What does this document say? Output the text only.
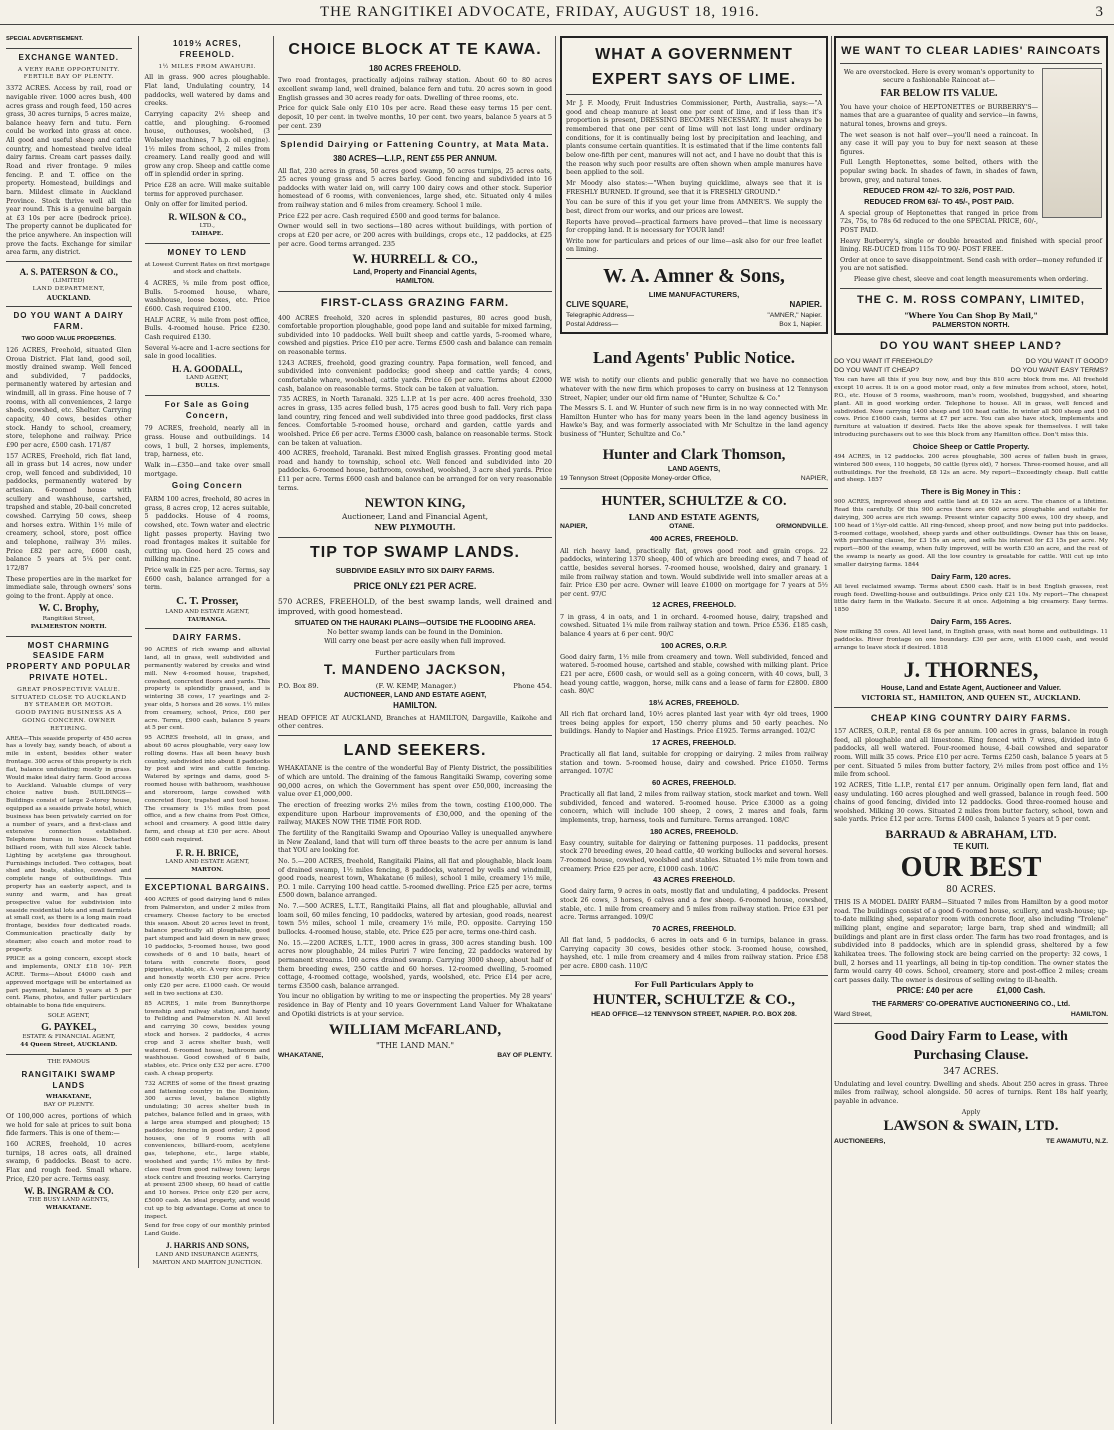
THE RANGITIKEI ADVOCATE, FRIDAY, AUGUST 18, 1916.	3
SPECIAL ADVERTISEMENT.
EXCHANGE WANTED.
A VERY RARE OPPORTUNITY.
FERTILE BAY OF PLENTY.

3372 ACRES. Access by rail, road or navigable river. 1000 acres bush, 400 acres grass and rough feed, 150 acres grass, 30 acres turnips, 5 acres maize, balance heavy fern and tutu. Fern could be worked into grass at once. All good and useful sheep and cattle country, and homestead twelve ideal dairy farms. Cream cart passes daily. Road and river frontage. 9 miles fencing. P. and T. office on the property. Homestead, buildings and barn. Mildest climate in Auckland Province. Stock thrive well all the year round. This is a genuine bargain at £3 10s per acre (bedrock price). The property cannot be duplicated for the price anywhere. An inspection will prove the facts. Exchange for similar area farm, any district.

A. S. PATERSON & CO.,
(LIMITED)
LAND DEPARTMENT,
AUCKLAND.
DO YOU WANT A DAIRY FARM.
TWO GOOD VALUE PROPERTIES.

126 ACRES, Freehold, situated Glen Oroua District. Flat land, good soil, mostly drained swamp. Well fenced and subdivided, 7 paddocks, permanently watered by artesian and windmill, all in grass. Fine house of 7 rooms, with all conveniences, 2 large sheds, cowshed, etc. Shelter. Carrying capacity, 40 cows, besides other stock. Handy to school, creamery, store, telephone and railway. Price £90 per acre, £500 cash. 171/87

157 ACRES, Freehold, rich flat land, all in grass but 14 acres, now under crop, well fenced and subdivided, 10 paddocks, permanently watered by artesian. 6-roomed house with scullery and washhouse, cartshed, trapshed and stable, 20-bail concreted cowshed. Carrying 50 cows, sheep and horses extra. Within 1½ mile of creamery, school, store, post office and telephone, railway 3½ miles. Price £82 per acre, £600 cash, balance 5 years at 5¼ per cent. 172/87

These properties are in the market for immediate sale, through owners' sons going to the front. Apply at once.

W. C. Brophy,
Rangitikei Street,
PALMERSTON NORTH.
MOST CHARMING SEASIDE FARM PROPERTY AND POPULAR PRIVATE HOTEL.
GREAT PROSPECTIVE VALUE. SITUATED CLOSE TO AUCKLAND BY STEAMER OR MOTOR.
GOOD PAYING BUSINESS AS A GOING CONCERN. OWNER RETIRING.

AREA—This seaside property of 450 acres has a lovely bay, sandy beach, of about a mile in extent, besides other water frontage. 300 acres of this property is rich flat, balance undulating; mostly in grass. Would make ideal dairy farm. Good access to Auckland. Valuable clumps of very choice native bush. BUILDINGS—Buildings consist of large 2-storey house, equipped as a seaside private hotel, which business has been privately carried on for a number of years, and a first-class and extensive connection established. Telephone bureau in house. Detached billiard room, with full size Alcock table. Lighting by acetylene gas throughout. Furnishings included. Two cottages, boat shed and boats, stables, cowshed and complete range of outbuildings. This property has an easterly aspect, and is sunny and warm, and has great prospective value for subdivision into seaside residential lots and small farmlets at small cost, as there is a long main road frontage, besides four dedicated roads. Communication practically daily by steamer; also coach and motor road to property.

PRICE as a going concern, except stock and implements, ONLY £18 10/- PER ACRE. Terms—About £4000 cash and approved mortgage will be entertained as part payment, balance 5 years at 5 per cent. Plans, photos, and fuller particulars obtainable to bona fide enquirers.

SOLE AGENT,
G. PAYKEL,
ESTATE & FINANCIAL AGENT,
44 Queen Street, AUCKLAND.
THE FAMOUS
RANGITAIKI SWAMP LANDS
WHAKATANE,
BAY OF PLENTY.

Of 100,000 acres, portions of which we hold for sale at prices to suit bona fide farmers. This is one of them:—

160 ACRES, freehold, 10 acres turnips, 18 acres oats, all drained swamp, 6 paddocks. Beast to acre. Flax and rough feed. Small whare. Price, £20 per acre. Terms easy.

W. B. INGRAM & CO.
THE BUSY LAND AGENTS,
WHAKATANE.
1019½ ACRES, FREEHOLD.
1½ MILES FROM AWAHURI.

All in grass. 900 acres ploughable. Flat land, Undulating country, 14 paddocks, well watered by dams and creeks.

Carrying capacity 2½ sheep and cattle, and ploughing. 6-roomed house, outhouses, woolshed, (3 Wolseley machines, 7 h.p. oil engine). 1½ miles from school, 2 miles from creamery. Land really good and will grow any crop. Sheep and cattle come off in splendid order in spring.

Price £28 an acre. Will make suitable terms for approved purchaser.

Only on offer for limited period.

R. WILSON & CO.,
LTD.,
TAIHAPE.
MONEY TO LEND
at Lowest Current Rates on first mortgage and stock and chattels.

4 ACRES, ¼ mile from post office, Bulls. 5-roomed house, whare, washhouse, loose boxes, etc. Price £600. Cash required £100.

HALF ACRE, ¼ mile from post office, Bulls. 4-roomed house. Price £230. Cash required £130.

Several ¼-acre and 1-acre sections for sale in good localities.

H. A. GOODALL,
LAND AGENT,
BULLS.
For Sale as Going Concern,

79 ACRES, freehold, nearly all in grass. House and outbuildings. 14 cows, 1 bull, 2 horses, implements, trap, harness, etc.

Walk in—£350—and take over small mortgage.

Going Concern

FARM 100 acres, freehold, 80 acres in grass, 8 acres crop, 12 acres suitable, 5 paddocks. House of 4 rooms, cowshed, etc. Town water and electric light passes property. Having two road frontages makes it suitable for cutting up. Good herd 25 cows and milking machine.

Price walk in £25 per acre. Terms, say £600 cash, balance arranged for a term.

C. T. Prosser,
LAND AND ESTATE AGENT,
TAURANGA.
DAIRY FARMS.

90 ACRES of rich swamp and alluvial land, all in grass, well subdivided and permanently watered by creeks and wind mill. New 4-roomed house, trapshed, cowshed, concreted floors and yards. This property is splendidly grassed, and is wintering 38 cows, 17 yearlings and 2-year olds, 5 horses and 26 sows. 1½ miles from creamery, school, Price, £60 per acre. Terms, £900 cash, balance 5 years at 5 per cent.

95 ACRES freehold, all in grass, and about 60 acres ploughable, very easy low rolling downs. Has all been heavy bush country, subdivided into about 8 paddocks by post and wire and cattle fencing. Watered by springs and dams, good 5-roomed house with bathroom, washhouse and storeroom, large cowshed with concreted floor, trapshed and tool house. The creamery is 1½ miles from post office, and a few chains from Post Office, school and creamery. A good little dairy farm, and cheap at £30 per acre. About £600 cash required.

F. R. H. BRICE,
LAND AND ESTATE AGENT,
MARTON.
EXCEPTIONAL BARGAINS.

400 ACRES of good dairying land 6 miles from Palmerston, and under 2 miles from creamery. Cheese factory to be erected this season. About 20 acres level in front, balance practically all ploughable, good part stumped and laid down in new grass; 10 paddocks, 5-roomed house, two good cowsheds of 6 and 10 bails, heart of totara with concrete floors, good piggeries, stable, etc. A very nice property and honestly worth £30 per acre. Price only £20 per acre. £1000 cash. Or would sell in two sections at £30.

85 ACRES, 1 mile from Bunnythorpe township and railway station, and handy to Feilding and Palmerston N. All level and carrying 30 cows, besides young stock and horses. 2 paddocks, 4 acres crop and 3 acres shelter bush, well watered. 6-roomed house, bathroom and washhouse. Good cowshed of 6 bails, stables, etc. Price only £32 per acre. £700 cash. A cheap property.

732 ACRES of some of the finest grazing and fattening country in the Dominion. 300 acres level, balance slightly undulating; 30 acres shelter bush in patches, balance felled and in grass, with a large area stumped and ploughed; 15 paddocks; fencing in good order; 2 good houses, one of 9 rooms with all conveniences, billiard-room, acetylene gas, telephone, etc., large stable, woolshed and yards; 1½ miles by first-class road from good railway town; large stock centre and freezing works. Carrying at present 2500 sheep, 60 head of cattle and 10 horses. Price only £20 per acre, £5000 cash. An ideal property, and would cut up to big advantage. Come at once to inspect.

Send for free copy of our monthly printed Land Guide.

J. HARRIS AND SONS,
LAND AND INSURANCE AGENTS,
MARTON AND MARTON JUNCTION.
CHOICE BLOCK AT TE KAWA.
180 ACRES FREEHOLD.

Two road frontages, practically adjoins railway station. About 60 to 80 acres excellent swamp land, well drained, balance fern and tutu. 20 acres sown in good English grasses and 30 acres ready for oats. Dwelling of three rooms, etc.

Price for quick Sale only £10 10s per acre. Read these easy terms 15 per cent. deposit, 10 per cent. in twelve months, 10 per cent. two years, balance 5 years at 5 per cent. 239

Splendid Dairying or Fattening Country, at Mata Mata.
380 ACRES—L.I.P., RENT £55 PER ANNUM.

All flat, 230 acres in grass, 50 acres good swamp, 50 acres turnips, 25 acres oats, 25 acres young grass and 5 acres barley. Good fencing and subdivided into 16 paddocks with water laid on, will carry 100 dairy cows and other stock. Superior homestead of 6 rooms, with conveniences, large shed, etc. Situated only 4 miles from railway station and 6 miles from creamery. School 1 mile.

Price £22 per acre. Cash required £500 and good terms for balance.

Owner would sell in two sections—180 acres without buildings, with portion of crops at £20 per acre, or 200 acres with buildings, crops etc., 12 paddocks, at £25 per acre. Good terms arranged. 235

W. HURRELL & CO.,
Land, Property and Financial Agents,
HAMILTON.
FIRST-CLASS GRAZING FARM.

400 ACRES freehold, 320 acres in splendid pastures, 80 acres good bush, comfortable proportion ploughable, good pope land and suitable for mixed farming, subdivided into 10 paddocks. Well built sheep and cattle yards, 5-roomed whare, cowshed and pigsties. Price £10 per acre. Terms £500 cash and balance can remain on reasonable terms.

1243 ACRES, freehold, good grazing country. Papa formation, well fenced, and subdivided into convenient paddocks; good sheep and cattle yards; 4 cows, comfortable whare, woolshed, cattle yards. Price £6 per acre. Terms about £2000 cash, balance on reasonable terms. Stock can be taken at valuation.

735 ACRES, in North Taranaki. 325 L.I.P. at 1s per acre. 400 acres freehold, 330 acres in grass, 135 acres felled bush, 175 acres good bush to fall. Very rich papa land country, ring fenced and well subdivided into three good paddocks, first class fences. Comfortable 5-roomed house, orchard and garden, cattle yards and woolshed. Price £6 per acre. Terms £3000 cash, balance on reasonable terms. Stock can be taken at valuation.

400 ACRES, freehold, Taranaki. Best mixed English grasses. Fronting good metal road and handy to township, school etc. Well fenced and subdivided into 20 paddocks. 6-roomed house, bathroom, cowshed, woolshed, 3 acre shed yards. Price £11 per acre. Terms £600 cash and balance can be arranged for on very reasonable terms.

NEWTON KING,
Auctioneer, Land and Financial Agent,
NEW PLYMOUTH.
TIP TOP SWAMP LANDS.
SUBDIVIDE EASILY INTO SIX DAIRY FARMS.
PRICE ONLY £21 PER ACRE.

570 ACRES, FREEHOLD, of the best swamp lands, well drained and improved, with good homestead.

SITUATED ON THE HAURAKI PLAINS—OUTSIDE THE FLOODING AREA.
No better swamp lands can be found in the Dominion.
Will carry one beast per acre easily when full improved.
Further particulars from
T. MANDENO JACKSON,
P.O. Box 89.	(F. W. KEMP, Manager.)	Phone 454.
AUCTIONEER, LAND AND ESTATE AGENT,
HAMILTON.

HEAD OFFICE AT AUCKLAND, Branches at HAMILTON, Dargaville, Kaikohe and other centres.

LAND SEEKERS.

WHAKATANE is the centre of the wonderful Bay of Plenty District, the possibilities of which are untold. The draining of the famous Rangitaiki Swamp, covering some 90,000 acres, on which the Government has spent over £50,000, increasing the value over £1,000,000.

The erection of freezing works 2½ miles from the town, costing £100,000. The expenditure upon Harbour improvements of £30,000, and the opening of the railway, MAKES NOW THE TIME FOR ROD.

The fertility of the Rangitaiki Swamp and Opouriao Valley is unequalled anywhere in New Zealand, land that will turn off three beasts to the acre per annum is land that YOU are looking for.

No. 5.—200 ACRES, freehold, Rangitaiki Plains, all flat and ploughable, black loam of drained swamp, 1½ miles fencing, 8 paddocks, watered by wells and windmill, good roads, nearest town, Whakatane (6 miles), school 1 mile, creamery 1½ mile, P.O. 1 mile. Carrying 100 head cattle. 5-roomed dwelling. Price £25 per acre, terms £500 down, balance arranged.

No. 7.—500 ACRES, L.T.T., Rangitaiki Plains, all flat and ploughable, alluvial and loam soil, 60 miles fencing, 10 paddocks, watered by artesian, good roads, nearest town 5½ miles, school 1 mile, creamery 1½ mile, P.O. opposite. Carrying 150 bullocks. 4-roomed house, stable, etc. Price £25 per acre, terms one-third cash.

No. 15.—2200 ACRES, L.T.T., 1900 acres in grass, 300 acres standing bush. 100 acres now ploughable, 24 miles Puriri 7 wire fencing, 22 paddocks watered by permanent streams. 100 acres drained swamp. Carrying 3000 sheep, about half of them breeding ewes, 250 cattle and 60 horses. 12-roomed dwelling, 5-roomed cottage, 4-roomed cottage, woolshed, yards, woolshed, etc. Price £14 per acre, terms £3500 cash, balance arranged.

You incur no obligation by writing to me or inspecting the properties. My 28 years' residence in Bay of Plenty and 10 years Government Land Valuer for Whakatane and Opotiki districts is at your service.

WILLIAM McFARLAND,
"THE LAND MAN."
WHAKATANE,	BAY OF PLENTY.
WHAT A GOVERNMENT
EXPERT SAYS OF LIME.

Mr J. F. Moody, Fruit Industries Commissioner, Perth, Australia, says:—"A good and cheap manure at least one per cent of lime, and if less than it's proportion is present, DRESSING BECOMES NECESSARY. It must always be remembered that one per cent of lime will not last long under ordinary conditions, for it is continually being lost by precipitation and leaching, and plants consume certain quantities. It is estimated that if the lime contents fall below one-fifth per cent, manures will not act, and I have no doubt that this is the reason why such poor results are often shown when ample manures have been applied to the soil.

Mr Moody also states:—"When buying quicklime, always see that it is FRESHLY BURNED. If ground, see that it is FRESHLY GROUND."

You can be sure of this if you get your lime from AMNER'S. We supply the best, direct from our works, and our prices are lowest.

Reports have proved—practical farmers have proved—that lime is necessary for cropping land. It is necessary for YOUR land!

Write now for particulars and prices of our lime—ask also for our free leaflet on liming.

W. A. Amner & Sons,
LIME MANUFACTURERS,
CLIVE SQUARE,	NAPIER.
Telegraphic Address—	"AMNER," Napier.
Postal Address—	Box 1, Napier.
Land Agents' Public Notice.

WE wish to notify our clients and public generally that we have no connection whatever with the new firm which proposes to carry on business at 12 Tennyson Street, Napier, under our old firm name of "Hunter, Schultze & Co."

The Messrs S. I. and W. Hunter of such new firm is in no way connected with Mr. Hamilton Hunter who has for many years been in the land agency business in Hawke's Bay, and was formerly associated with Mr Schultze in the land agency business of "Hunter, Schultze and Co."

Hunter and Clark Thomson,
LAND AGENTS,
19 Tennyson Street (Opposite Money-order Office,	NAPIER,
HUNTER, SCHULTZE & CO.
LAND AND ESTATE AGENTS,
NAPIER,	OTANE.	ORMONDVILLE.
400 ACRES, FREEHOLD.

All rich heavy land, practically flat, grows good root and grain crops. 22 paddocks, wintering 1370 sheep, 400 of which are breeding ewes, and 7 head of cattle, besides several horses. 7-roomed house, woolshed, dairy and granary. 1 mile from railway station and town. Would subdivide well into smaller areas at a fair. Price £30 per acre. Owner will leave £1000 on mortgage for 7 years at 5½ per cent. 97/C

12 ACRES, FREEHOLD.

7 in grass, 4 in oats, and 1 in orchard. 4-roomed house, dairy, trapshed and cowshed. Situated 1¼ mile from railway station and town. Price £536. £185 cash, balance 4 years at 6 per cent. 90/C

100 ACRES, O.R.P.

Good dairy farm, 1½ mile from creamery and town. Well subdivided, fenced and watered. 5-roomed house, cartshed and stable, cowshed with milking plant. Price £21 per acre, £600 cash, or would sell as a going concern, with 40 cows, bull, 3 head young cattle, waggon, horse, milk cans and a lease of farm for £2800. £800 cash. 80/C

18½ ACRES, FREEHOLD.

All rich flat orchard land, 10½ acres planted last year with 4yr old trees, 1900 trees being apples for export, 150 cherry plums and 50 early peaches. No buildings. Handy to Napier and Hastings. Price £1925. Terms arranged. 102/C

17 ACRES, FREEHOLD.

Practically all flat land, suitable for cropping or dairying. 2 miles from railway station and town. 5-roomed house, dairy and cowshed. Price £1050. Terms arranged. 107/C

60 ACRES, FREEHOLD.

Practically all flat land, 2 miles from railway station, stock market and town. Well subdivided, fenced and watered. 5-roomed house. Price £3000 as a going concern, which will include 100 sheep, 2 cows, 2 mares and foals, farm implements, trap, harness, tools and furniture. Terms arranged. 108/C

180 ACRES, FREEHOLD.

Easy country, suitable for dairying or fattening purposes. 11 paddocks, present stock 270 breeding ewes, 20 head cattle, 40 working bullocks and several horses. 7-roomed house, cowshed, woolshed and stables. Situated 1½ mile from town and creamery. Price £25 per acre, £1000 cash. 106/C

43 ACRES FREEHOLD.

Good dairy farm, 9 acres in oats, mostly flat and undulating, 4 paddocks. Present stock 26 cows, 3 horses, 6 calves and a few sheep. 6-roomed house, cowshed, stable, etc. 1 mile from creamery and 5 miles from railway station. Price £31 per acre. Terms arranged. 109/C

70 ACRES, FREEHOLD.

All flat land, 5 paddocks, 6 acres in oats and 6 in turnips, balance in grass. Carrying capacity 30 cows, besides other stock. 3-roomed house, cowshed, hayshed, etc. 1 mile from creamery and 4 miles from railway station. Price £58 per acre. £800 cash. 110/C

For Full Particulars Apply to
HUNTER, SCHULTZE & CO.,
HEAD OFFICE—12 TENNYSON STREET, NAPIER. P.O. BOX 208.
WE WANT TO CLEAR LADIES' RAINCOATS

We are overstocked. Here is every woman's opportunity to secure a fashionable Raincoat at—

FAR BELOW ITS VALUE.

You have your choice of HEPTONETTES or BURBERRY'S—names that are a guarantee of quality and service—in fawns, natural tones, browns and greys.

The wet season is not half over—you'll need a raincoat. In any case it will pay you to buy for next season at these figures.

Full Length Heptonettes, some belted, others with the popular swing back. In shades of fawn, in shades of fawn, brown, grey, and natural tones.

REDUCED FROM 42/- TO 32/6, POST PAID.
REDUCED FROM 63/- TO 45/-, POST PAID.

A special group of Heptonettes that ranged in price from 72s, 75s, to 78s 6d reduced to the one SPECIAL PRICE, 60/-, POST PAID.

Heavy Burberry's, single or double breasted and finished with special proof lining. RE-DUCED from 115s TO 90/- POST FREE.

Order at once to save disappointment. Send cash with order—money refunded if you are not satisfied.

Please give chest, sleeve and coat length measurements when ordering.

THE C. M. ROSS COMPANY, LIMITED,
"Where You Can Shop By Mail,"
PALMERSTON NORTH.
DO YOU WANT SHEEP LAND?
DO YOU WANT IT FREEHOLD?	DO YOU WANT IT GOOD?
DO YOU WANT IT CHEAP?	DO YOU WANT EASY TERMS?

You can have all this if you buy now, and buy this 810 acre block from me. All freehold except 10 acres. It is on a good motor road, only a few minutes from school, store, hotel, P.O., etc. House of 5 rooms, washroom, man's room, woolshed, buggyshed, and shearing plant. All in good working order. Telephone to house. All in grass, well fenced and subdivided. Now carrying 1400 sheep and 100 head cattle. In winter all 500 sheep and 100 cows. Price £1600 cash, terms at £7 per acre. You can also have stock, implements and furniture at valuation if desired. Facts like the above speak for themselves. I will take introducing purchasers out to see this block from any Hamilton office. Don't miss this.

Choice Sheep or Cattle Property.

494 ACRES, in 12 paddocks. 200 acres ploughable, 300 acres of fallen bush in grass, wintered 500 ewes, 110 hoggets, 50 cattle (lyres old), 7 horses. Three-roomed house, and all outbuildings. For the freehold, £8 12s an acre. My report—Exceedingly cheap. Bull cattle and sheep. 1857

There is Big Money in This :

900 ACRES, improved sheep and cattle land at £6 12s an acre. The chance of a lifetime. Read this carefully. Of this 900 acres there are 600 acres ploughable and suitable for dairying, 300 acres are rich swamp. Present winter capacity 500 ewes, 100 dry sheep, and 100 head of 1½yr-old cattle. All ring-fenced, sheep proof, and now being put into paddocks. 5-roomed cottage, woolshed, sheep yards and other outbuildings. Owner has this on lease, with purchasing clause, for £3 15s an acre, and sells his interest for £3 15s per acre. My report—800 of the swamp, when fully improved, will be worth £30 an acre, and the rest of the swamp is nearly as good. All the low country is greatable for cattle. Will cut up into smaller dairying farms. 1844

Dairy Farm, 120 acres.

All level reclaimed swamp. Terms about £500 cash. Half is in best English grasses, rest rough feed. Dwelling-house and outbuildings. Price only £21 10s. My report—The cheapest little dairy farm in the Waikato. Secure it at once. Adjoining a big creamery. Easy terms. 1850

Dairy Farm, 155 Acres.

Now milking 55 cows. All level land, in English grass, with neat home and outbuildings. 11 paddocks. River frontage on one boundary. £30 per acre, with £1000 cash, and would arrange to leave stock if desired. 1818

J. THORNES,
House, Land and Estate Agent, Auctioneer and Valuer.
VICTORIA ST., HAMILTON, AND QUEEN ST., AUCKLAND.
CHEAP KING COUNTRY DAIRY FARMS.

157 ACRES, O.R.P., rental £8 6s per annum. 100 acres in grass, balance in rough feed, all ploughable and all limestone. Ring fenced with 7 wires, divided into 6 paddocks, all well watered. Four-roomed house, 4-bail cowshed and separator room. Will milk 35 cows. Price £10 per acre. Terms £250 cash, balance 5 years at 5 per cent. Situated 5 miles from butter factory, 2½ miles from post office and 1½ mile from school.

192 ACRES, Title L.I.P., rental £17 per annum. Originally open fern land, flat and easy undulating. 160 acres ploughed and well grassed, balance in rough feed. 500 chains of good fencing, divided into 12 paddocks. Good three-roomed house and woolshed. Milking 30 cows. Situated 2 miles from butter factory, school, town and sale yards. Price £12 per acre. Terms £400 cash, balance 5 years at 5 per cent.

BARRAUD & ABRAHAM, LTD.
TE KUITI.
OUR BEST
80 ACRES.

THIS IS A MODEL DAIRY FARM—Situated 7 miles from Hamilton by a good motor road. The buildings consist of a good 6-roomed house, scullery, and wash-house; up-to-date milking shed, separator room with concrete floor, also including "Trolene" milking plant, engine and separator; large barn, trap shed and windmill; all buildings and plant are in first class order. The farm has two road frontages, and is subdivided into 8 paddocks, which are in splendid grass, sheltered by a few kahikatea trees. The following stock are being carried on the property: 32 cows, 1 bull, 2 horses and 11 yearlings, all being in tip-top condition. The owner states the farm would carry 40 cows. School, creamery, store and post-office 2 miles; cream cart passes daily. The owner is desirous of selling owing to ill-health.

PRICE: £40 per acre	£1,000 Cash.
THE FARMERS' CO-OPERATIVE AUCTIONEERING CO., Ltd.
Ward Street,	HAMILTON.
Good Dairy Farm to Lease, with
Purchasing Clause.
347 ACRES.

Undulating and level country. Dwelling and sheds. About 250 acres in grass. Three miles from railway, school alongside. 50 acres of turnips. Rent 18s half yearly, payable in advance.

Apply
LAWSON & SWAIN, LTD.
AUCTIONEERS,	TE AWAMUTU, N.Z.
